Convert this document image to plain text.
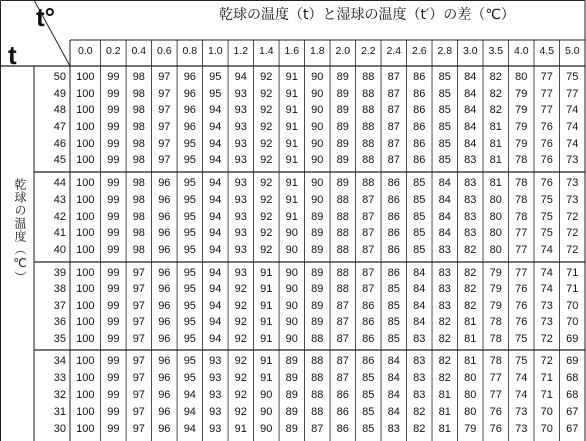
乾球の温度（t）と湿球の温度（t′）の差（℃）
t°
t
乾球の温度（℃）
0.0	0.2	0.4	0.6	0.8	1.0	1.2	1.4	1.6	1.8	2.0	2.2	2.4	2.6	2.8	3.0	3.5	4.0	4.5	5.0
50 100	99	98	97	96	95	94	92	91	90	89	88	87	86	85	84	82	80	77	75
49 100	99	98	97	96	95	93	92	91	90	89	88	87	86	85	84	82	79	77	77
48 100	99	98	97	96	94	93	92	91	90	89	88	87	86	85	84	82	79	77	74
47 100	99	98	97	96	94	93	92	91	90	89	88	87	86	85	84	81	79	76	74
46 100	99	98	97	95	94	93	92	91	90	89	88	87	86	85	84	81	79	76	74
45 100	99	98	97	95	94	93	92	91	90	89	88	87	86	85	83	81	78	76	73
44 100	99	98	96	95	94	93	92	91	90	89	88	86	85	84	83	81	78	76	73
43 100	99	98	96	95	94	93	92	91	90	88	87	86	85	84	83	80	78	75	73
42 100	99	98	96	95	94	93	92	91	89	88	87	86	85	84	83	80	78	75	72
41 100	99	98	96	95	94	93	92	90	89	88	87	86	85	84	83	80	77	75	72
40 100	99	98	96	95	94	93	92	90	89	88	87	86	85	83	82	80	77	74	72
39 100	99	97	96	95	94	93	91	90	89	88	87	86	84	83	82	79	77	74	71
38 100	99	97	96	95	94	92	91	90	89	88	87	85	84	83	82	79	76	74	71
37 100	99	97	96	95	94	92	91	90	89	87	86	85	84	83	82	79	76	73	70
36 100	99	97	96	95	94	92	91	90	89	87	86	85	84	82	81	78	76	73	70
35 100	99	97	96	95	94	92	91	90	88	87	86	85	83	82	81	78	75	72	69
34 100	99	97	96	95	93	92	91	89	88	87	86	84	83	82	81	78	75	72	69
33 100	99	97	96	95	93	92	91	89	88	87	85	84	83	82	80	77	74	71	68
32 100	99	97	96	94	93	92	90	89	88	86	85	84	83	81	80	77	74	71	68
31 100	99	97	96	94	93	92	90	89	88	86	85	84	82	81	80	76	73	70	67
30 100	99	97	96	94	93	91	90	89	87	86	85	83	82	81	79	76	73	70	67
